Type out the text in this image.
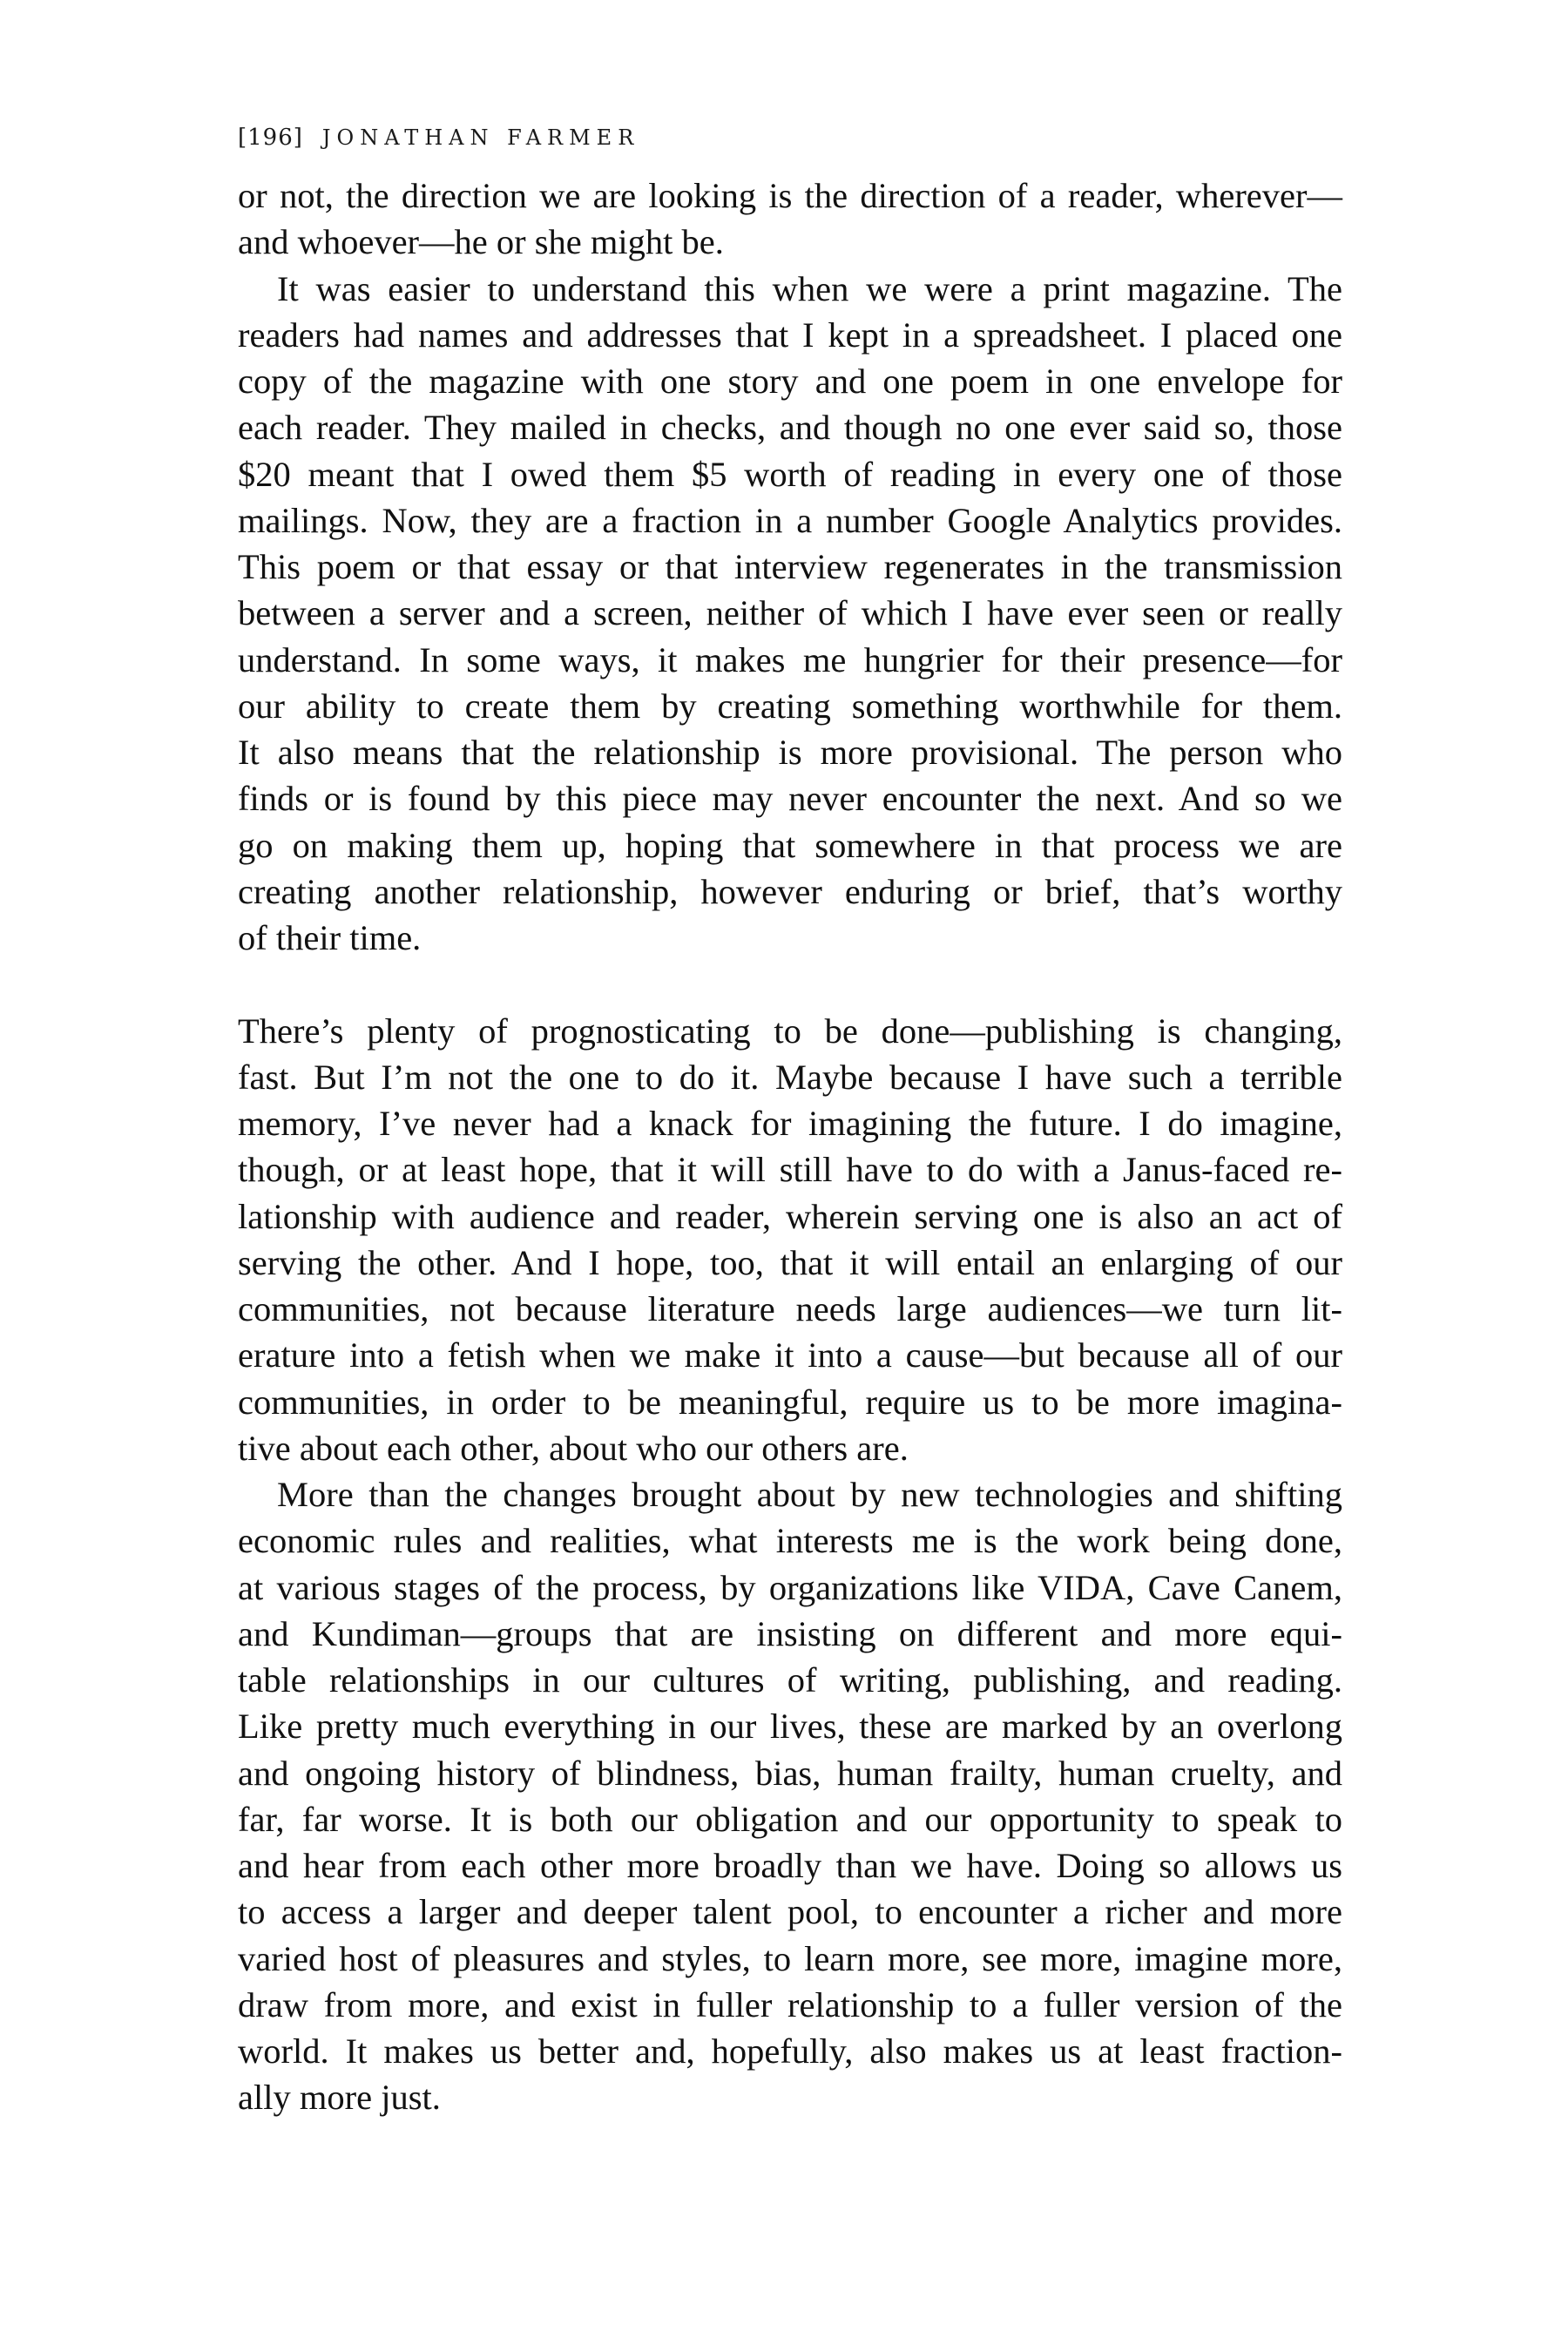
[196] JONATHAN FARMER
or not, the direction we are looking is the direction of a reader, wherever—
and whoever—he or she might be.
It was easier to understand this when we were a print magazine. The
readers had names and addresses that I kept in a spreadsheet. I placed one
copy of the magazine with one story and one poem in one envelope for
each reader. They mailed in checks, and though no one ever said so, those
$20 meant that I owed them $5 worth of reading in every one of those
mailings. Now, they are a fraction in a number Google Analytics provides.
This poem or that essay or that interview regenerates in the transmission
between a server and a screen, neither of which I have ever seen or really
understand. In some ways, it makes me hungrier for their presence—for
our ability to create them by creating something worthwhile for them.
It also means that the relationship is more provisional. The person who
finds or is found by this piece may never encounter the next. And so we
go on making them up, hoping that somewhere in that process we are
creating another relationship, however enduring or brief, that’s worthy
of their time.
There’s plenty of prognosticating to be done—publishing is changing,
fast. But I’m not the one to do it. Maybe because I have such a terrible
memory, I’ve never had a knack for imagining the future. I do imagine,
though, or at least hope, that it will still have to do with a Janus-faced re-
lationship with audience and reader, wherein serving one is also an act of
serving the other. And I hope, too, that it will entail an enlarging of our
communities, not because literature needs large audiences—we turn lit-
erature into a fetish when we make it into a cause—but because all of our
communities, in order to be meaningful, require us to be more imagina-
tive about each other, about who our others are.
More than the changes brought about by new technologies and shifting
economic rules and realities, what interests me is the work being done,
at various stages of the process, by organizations like VIDA, Cave Canem,
and Kundiman—groups that are insisting on different and more equi-
table relationships in our cultures of writing, publishing, and reading.
Like pretty much everything in our lives, these are marked by an overlong
and ongoing history of blindness, bias, human frailty, human cruelty, and
far, far worse. It is both our obligation and our opportunity to speak to
and hear from each other more broadly than we have. Doing so allows us
to access a larger and deeper talent pool, to encounter a richer and more
varied host of pleasures and styles, to learn more, see more, imagine more,
draw from more, and exist in fuller relationship to a fuller version of the
world. It makes us better and, hopefully, also makes us at least fraction-
ally more just.
